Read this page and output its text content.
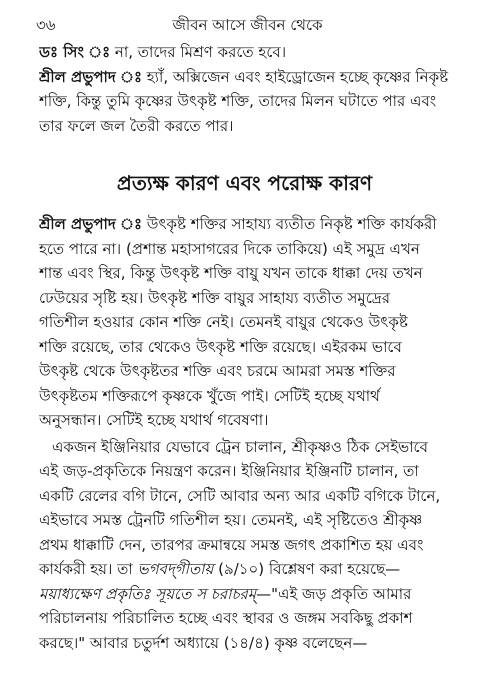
৩৬	জীবন আসে জীবন থেকে
ডঃ সিং ঃ না, তাদের মিশ্রণ করতে হবে।
শ্রীল প্রভুপাদ ঃ হ্যাঁ, অক্সিজেন এবং হাইড্রোজেন হচ্ছে কৃষ্ণের নিকৃষ্ট
শক্তি, কিন্তু তুমি কৃষ্ণের উৎকৃষ্ট শক্তি, তাদের মিলন ঘটাতে পার এবং
তার ফলে জল তৈরী করতে পার।
প্রত্যক্ষ কারণ এবং পরোক্ষ কারণ
শ্রীল প্রভুপাদ ঃ উৎকৃষ্ট শক্তির সাহায্য ব্যতীত নিকৃষ্ট শক্তি কার্যকরী
হতে পারে না। (প্রশান্ত মহাসাগরের দিকে তাকিয়ে) এই সমুদ্র এখন
শান্ত এবং স্থির, কিন্তু উৎকৃষ্ট শক্তি বায়ু যখন তাকে ধাক্কা দেয় তখন
ঢেউয়ের সৃষ্টি হয়। উৎকৃষ্ট শক্তি বায়ুর সাহায্য ব্যতীত সমুদ্রের
গতিশীল হওয়ার কোন শক্তি নেই। তেমনই বায়ুর থেকেও উৎকৃষ্ট
শক্তি রয়েছে, তার থেকেও উৎকৃষ্ট শক্তি রয়েছে। এইরকম ভাবে
উৎকৃষ্ট থেকে উৎকৃষ্টতর শক্তি এবং চরমে আমরা সমস্ত শক্তির
উৎকৃষ্টতম শক্তিরূপে কৃষ্ণকে খুঁজে পাই। সেটিই হচ্ছে যথার্থ
অনুসন্ধান। সেটিই হচ্ছে যথার্থ গবেষণা।
একজন ইঞ্জিনিয়ার যেভাবে ট্রেন চালান, শ্রীকৃষ্ণও ঠিক সেইভাবে
এই জড়-প্রকৃতিকে নিয়ন্ত্রণ করেন। ইঞ্জিনিয়ার ইঞ্জিনটি চালান, তা
একটি রেলের বগি টানে, সেটি আবার অন্য আর একটি বগিকে টানে,
এইভাবে সমস্ত ট্রেনটি গতিশীল হয়। তেমনই, এই সৃষ্টিতেও শ্রীকৃষ্ণ
প্রথম ধাক্কাটি দেন, তারপর ক্রমান্বয়ে সমস্ত জগৎ প্রকাশিত হয় এবং
কার্যকরী হয়। তা ভগবদ্‌গীতায় (৯/১০) বিশ্লেষণ করা হয়েছে—
ময়াধ্যক্ষেণ প্রকৃতিঃ সূয়তে স চরাচরম্‌—"এই জড় প্রকৃতি আমার
পরিচালনায় পরিচালিত হচ্ছে এবং স্থাবর ও জঙ্গম সবকিছু প্রকাশ
করছে।" আবার চতুর্দশ অধ্যায়ে (১৪/৪) কৃষ্ণ বলেছেন—
